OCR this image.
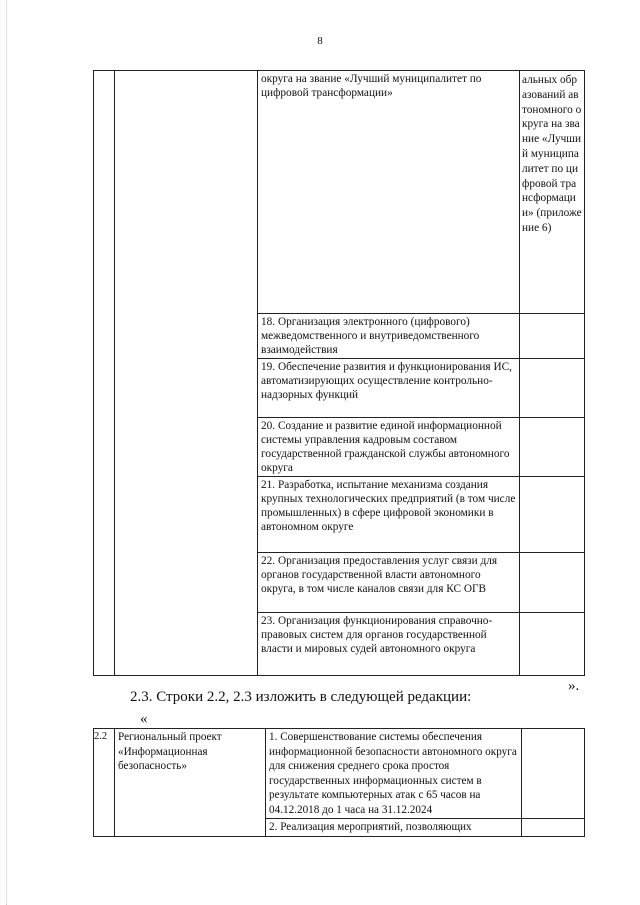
8
		округа на звание «Лучший муниципалитет по цифровой трансформации»	альных образований автономного округа на звание «Лучший муниципалитет по цифровой трансформации» (приложение 6)
		18. Организация электронного (цифрового) межведомственного и внутриведомственного взаимодействия	
		19. Обеспечение развития и функционирования ИС, автоматизирующих осуществление контрольно-надзорных функций	
		20. Создание и развитие единой информационной системы управления кадровым составом государственной гражданской службы автономного округа	
		21. Разработка, испытание механизма создания крупных технологических предприятий (в том числе промышленных) в сфере цифровой экономики в автономном округе	
		22. Организация предоставления услуг связи для органов государственной власти автономного округа, в том числе каналов связи для КС ОГВ	
		23. Организация функционирования справочно-правовых систем для органов государственной власти и мировых судей автономного округа	
».
2.3. Строки 2.2, 2.3 изложить в следующей редакции:
«
2.2	Региональный проект «Информационная безопасность»	1. Совершенствование системы обеспечения информационной безопасности автономного округа для снижения среднего срока простоя государственных информационных систем в результате компьютерных атак с 65 часов на 04.12.2018 до 1 часа на 31.12.2024	
		2. Реализация мероприятий, позволяющих	
